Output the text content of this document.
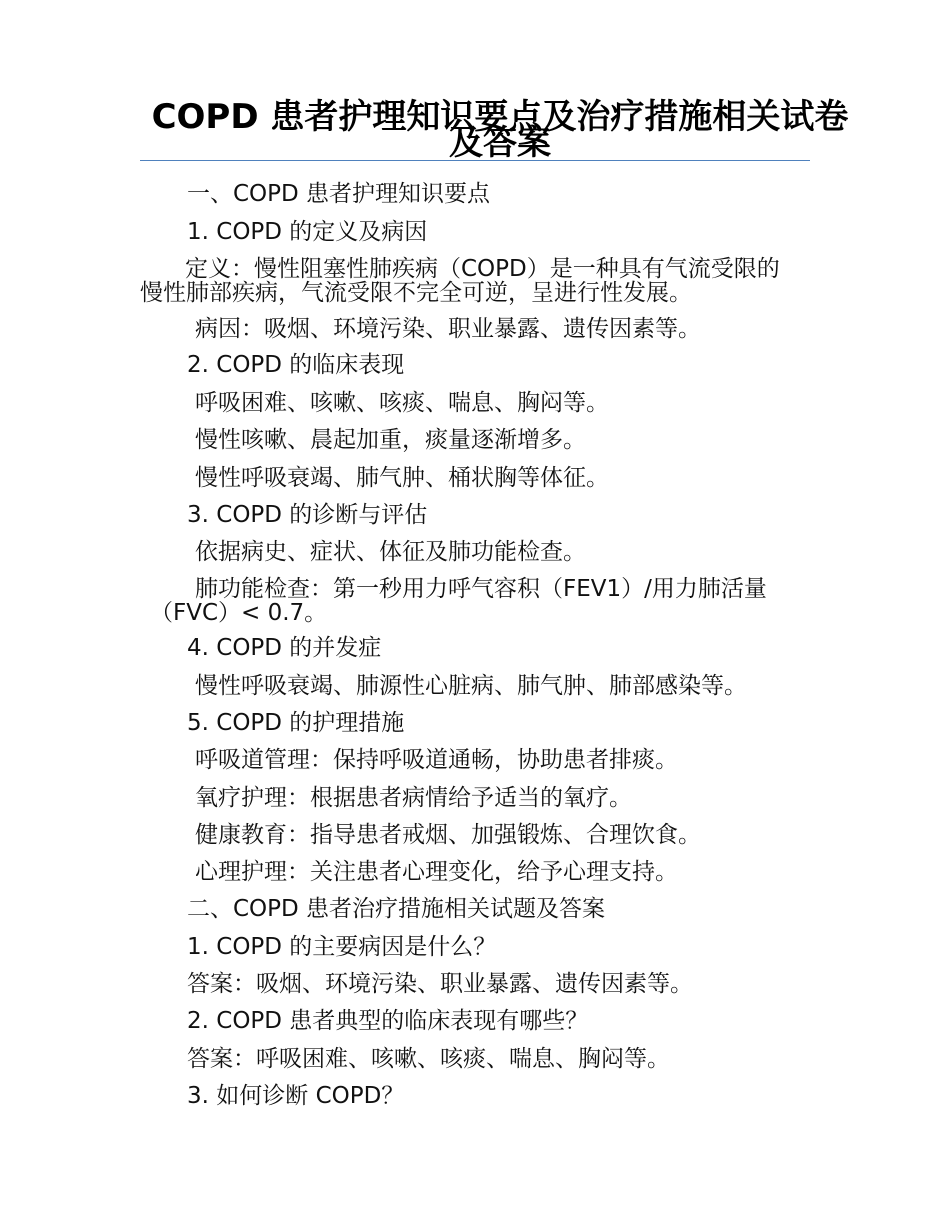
COPD 患者护理知识要点及治疗措施相关试卷及答案

一、COPD 患者护理知识要点

1. COPD 的定义及病因

定义：慢性阻塞性肺疾病（COPD）是一种具有气流受限的慢性肺部疾病，气流受限不完全可逆，呈进行性发展。

病因：吸烟、环境污染、职业暴露、遗传因素等。

2. COPD 的临床表现

呼吸困难、咳嗽、咳痰、喘息、胸闷等。

慢性咳嗽、晨起加重，痰量逐渐增多。

慢性呼吸衰竭、肺气肿、桶状胸等体征。

3. COPD 的诊断与评估

依据病史、症状、体征及肺功能检查。

肺功能检查：第一秒用力呼气容积（FEV1）/用力肺活量（FVC）< 0.7。

4. COPD 的并发症

慢性呼吸衰竭、肺源性心脏病、肺气肿、肺部感染等。

5. COPD 的护理措施

呼吸道管理：保持呼吸道通畅，协助患者排痰。

氧疗护理：根据患者病情给予适当的氧疗。

健康教育：指导患者戒烟、加强锻炼、合理饮食。

心理护理：关注患者心理变化，给予心理支持。

二、COPD 患者治疗措施相关试题及答案

1. COPD 的主要病因是什么？

答案：吸烟、环境污染、职业暴露、遗传因素等。

2. COPD 患者典型的临床表现有哪些？

答案：呼吸困难、咳嗽、咳痰、喘息、胸闷等。

3. 如何诊断 COPD？
